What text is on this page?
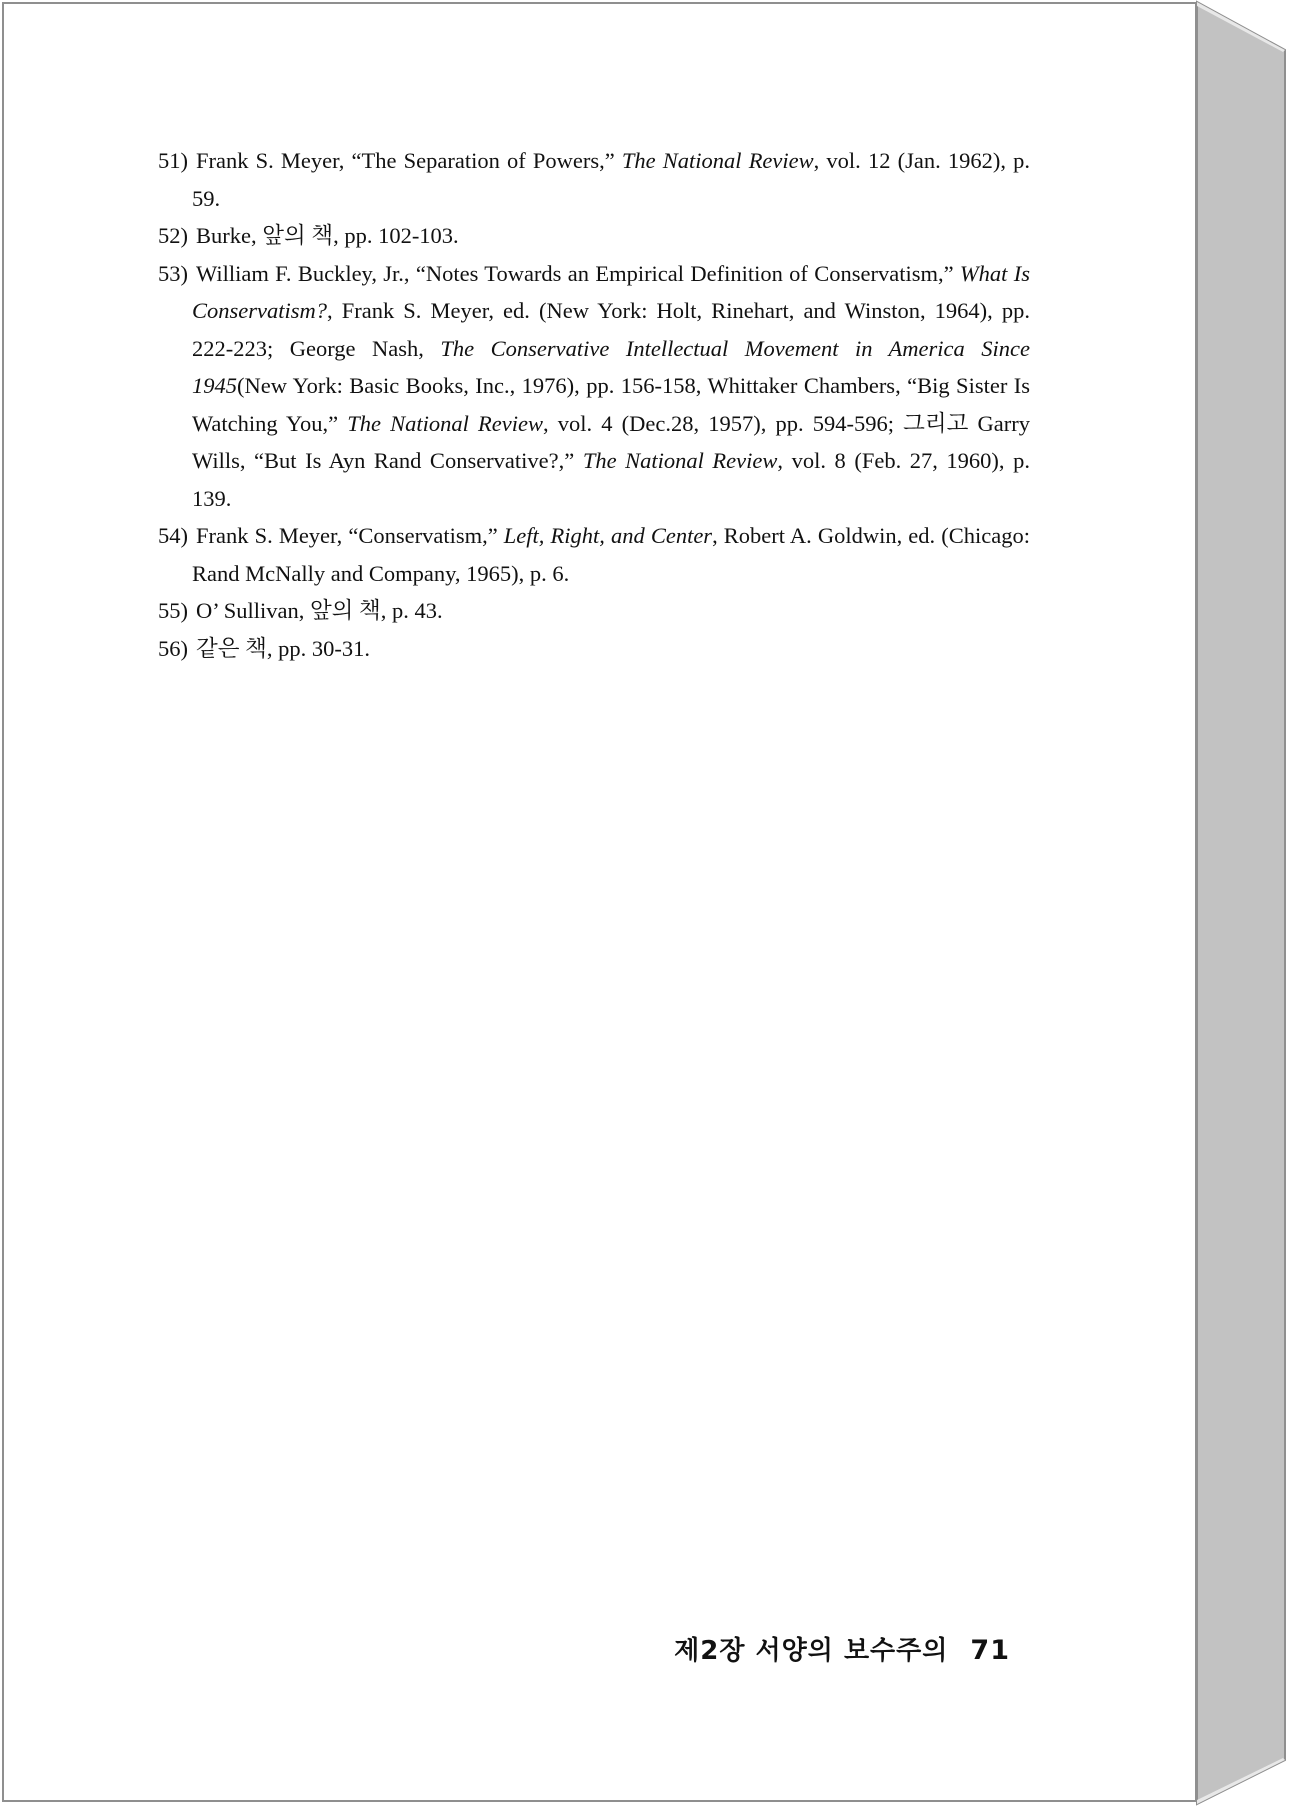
51) Frank S. Meyer, “The Separation of Powers,” The National Review, vol. 12 (Jan. 1962), p. 59.

52) Burke, 앞의 책, pp. 102-103.

53) William F. Buckley, Jr., “Notes Towards an Empirical Definition of Conservatism,” What Is Conservatism?, Frank S. Meyer, ed. (New York: Holt, Rinehart, and Winston, 1964), pp. 222-223; George Nash, The Conservative Intellectual Movement in America Since 1945(New York: Basic Books, Inc., 1976), pp. 156-158, Whittaker Chambers, “Big Sister Is Watching You,” The National Review, vol. 4 (Dec.28, 1957), pp. 594-596; 그리고 Garry Wills, “But Is Ayn Rand Conservative?,” The National Review, vol. 8 (Feb. 27, 1960), p. 139.

54) Frank S. Meyer, “Conservatism,” Left, Right, and Center, Robert A. Goldwin, ed. (Chicago: Rand McNally and Company, 1965), p. 6.

55) O’ Sullivan, 앞의 책, p. 43.

56) 같은 책, pp. 30-31.

제2장 서양의 보수주의 71
